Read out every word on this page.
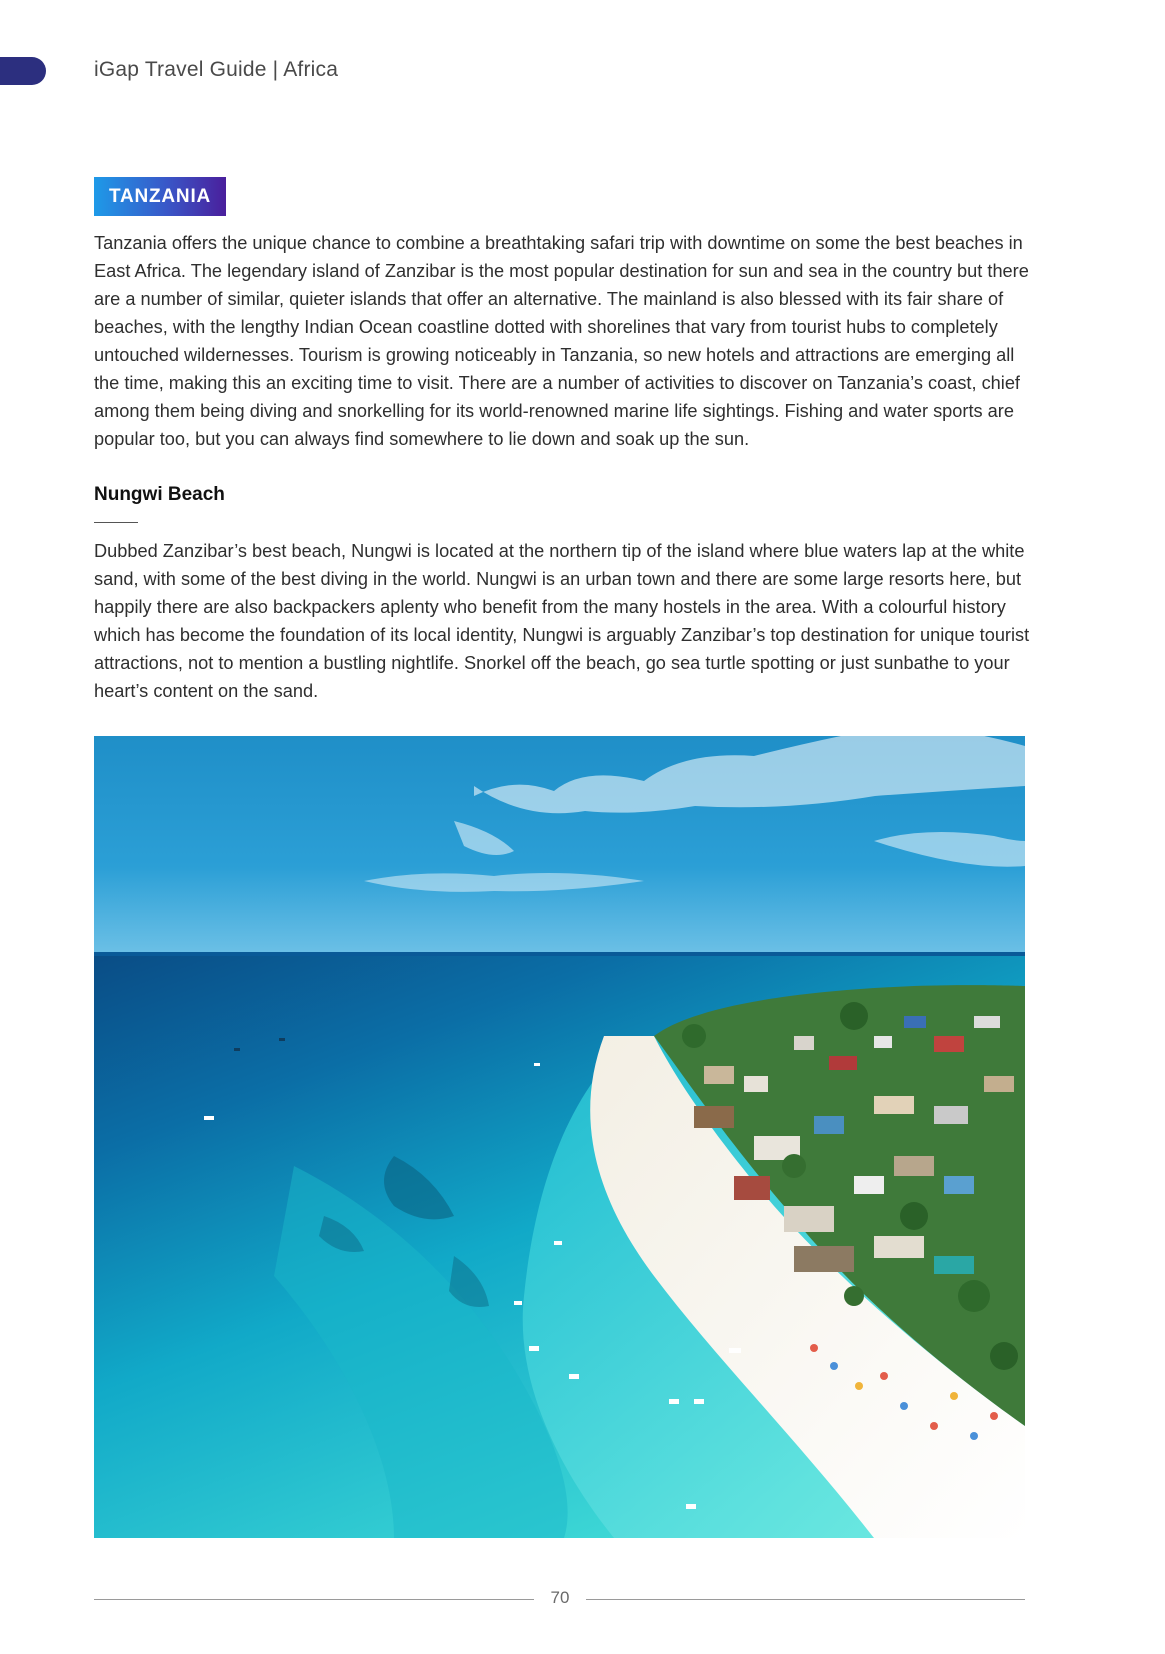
iGap Travel Guide | Africa
TANZANIA

Tanzania offers the unique chance to combine a breathtaking safari trip with downtime on some the best beaches in East Africa. The legendary island of Zanzibar is the most popular destination for sun and sea in the country but there are a number of similar, quieter islands that offer an alternative. The mainland is also blessed with its fair share of beaches, with the lengthy Indian Ocean coastline dotted with shorelines that vary from tourist hubs to completely untouched wildernesses. Tourism is growing noticeably in Tanzania, so new hotels and attractions are emerging all the time, making this an exciting time to visit. There are a number of activities to discover on Tanzania’s coast, chief among them being diving and snorkelling for its world-renowned marine life sightings. Fishing and water sports are popular too, but you can always find somewhere to lie down and soak up the sun.

Nungwi Beach

Dubbed Zanzibar’s best beach, Nungwi is located at the northern tip of the island where blue waters lap at the white sand, with some of the best diving in the world. Nungwi is an urban town and there are some large resorts here, but happily there are also backpackers aplenty who benefit from the many hostels in the area. With a colourful history which has become the foundation of its local identity, Nungwi is arguably Zanzibar’s top destination for unique tourist attractions, not to mention a bustling nightlife. Snorkel off the beach, go sea turtle spotting or just sunbathe to your heart’s content on the sand.

70
